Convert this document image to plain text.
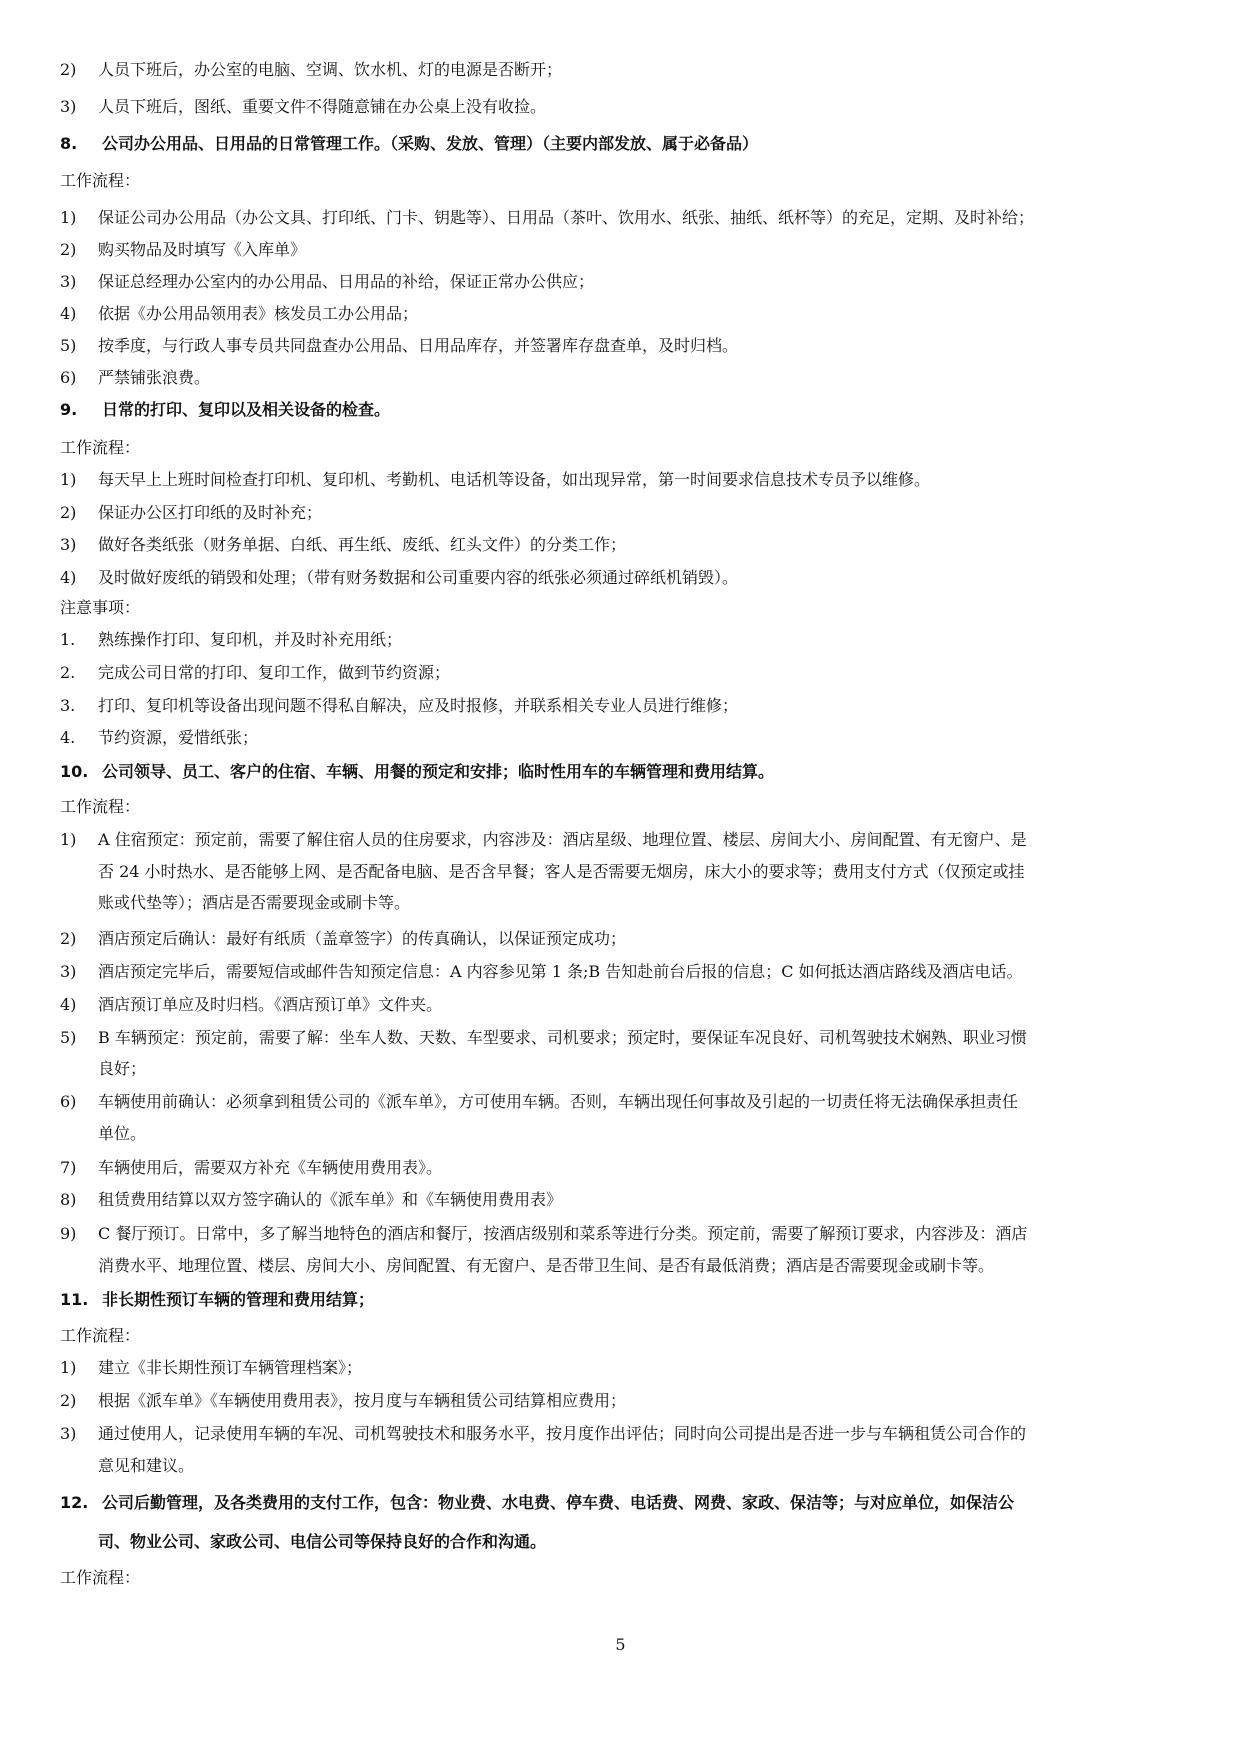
2) 人员下班后，办公室的电脑、空调、饮水机、灯的电源是否断开；
3) 人员下班后，图纸、重要文件不得随意铺在办公桌上没有收捡。
8. 公司办公用品、日用品的日常管理工作。（采购、发放、管理）（主要内部发放、属于必备品）
工作流程：
1) 保证公司办公用品（办公文具、打印纸、门卡、钥匙等）、日用品（茶叶、饮用水、纸张、抽纸、纸杯等）的充足，定期、及时补给；
2) 购买物品及时填写《入库单》
3) 保证总经理办公室内的办公用品、日用品的补给，保证正常办公供应；
4) 依据《办公用品领用表》核发员工办公用品；
5) 按季度，与行政人事专员共同盘查办公用品、日用品库存，并签署库存盘查单，及时归档。
6) 严禁铺张浪费。
9. 日常的打印、复印以及相关设备的检查。
工作流程：
1) 每天早上上班时间检查打印机、复印机、考勤机、电话机等设备，如出现异常，第一时间要求信息技术专员予以维修。
2) 保证办公区打印纸的及时补充；
3) 做好各类纸张（财务单据、白纸、再生纸、废纸、红头文件）的分类工作；
4) 及时做好废纸的销毁和处理；（带有财务数据和公司重要内容的纸张必须通过碎纸机销毁）。
注意事项：
1. 熟练操作打印、复印机，并及时补充用纸；
2. 完成公司日常的打印、复印工作，做到节约资源；
3. 打印、复印机等设备出现问题不得私自解决，应及时报修，并联系相关专业人员进行维修；
4. 节约资源，爱惜纸张；
10. 公司领导、员工、客户的住宿、车辆、用餐的预定和安排；临时性用车的车辆管理和费用结算。
工作流程：
1) A 住宿预定：预定前，需要了解住宿人员的住房要求，内容涉及：酒店星级、地理位置、楼层、房间大小、房间配置、有无窗户、是
否 24 小时热水、是否能够上网、是否配备电脑、是否含早餐；客人是否需要无烟房，床大小的要求等；费用支付方式（仅预定或挂
账或代垫等）；酒店是否需要现金或刷卡等。
2) 酒店预定后确认：最好有纸质（盖章签字）的传真确认，以保证预定成功；
3) 酒店预定完毕后，需要短信或邮件告知预定信息：A 内容参见第 1 条;B 告知赴前台后报的信息；C 如何抵达酒店路线及酒店电话。
4) 酒店预订单应及时归档。《酒店预订单》文件夹。
5) B 车辆预定：预定前，需要了解：坐车人数、天数、车型要求、司机要求；预定时，要保证车况良好、司机驾驶技术娴熟、职业习惯
良好；
6) 车辆使用前确认：必须拿到租赁公司的《派车单》，方可使用车辆。否则，车辆出现任何事故及引起的一切责任将无法确保承担责任
单位。
7) 车辆使用后，需要双方补充《车辆使用费用表》。
8) 租赁费用结算以双方签字确认的《派车单》和《车辆使用费用表》
9) C 餐厅预订。日常中，多了解当地特色的酒店和餐厅，按酒店级别和菜系等进行分类。预定前，需要了解预订要求，内容涉及：酒店
消费水平、地理位置、楼层、房间大小、房间配置、有无窗户、是否带卫生间、是否有最低消费；酒店是否需要现金或刷卡等。
11. 非长期性预订车辆的管理和费用结算；
工作流程：
1) 建立《非长期性预订车辆管理档案》；
2) 根据《派车单》《车辆使用费用表》，按月度与车辆租赁公司结算相应费用；
3) 通过使用人，记录使用车辆的车况、司机驾驶技术和服务水平，按月度作出评估；同时向公司提出是否进一步与车辆租赁公司合作的
意见和建议。
12. 公司后勤管理，及各类费用的支付工作，包含：物业费、水电费、停车费、电话费、网费、家政、保洁等；与对应单位，如保洁公
司、物业公司、家政公司、电信公司等保持良好的合作和沟通。
工作流程：
5
